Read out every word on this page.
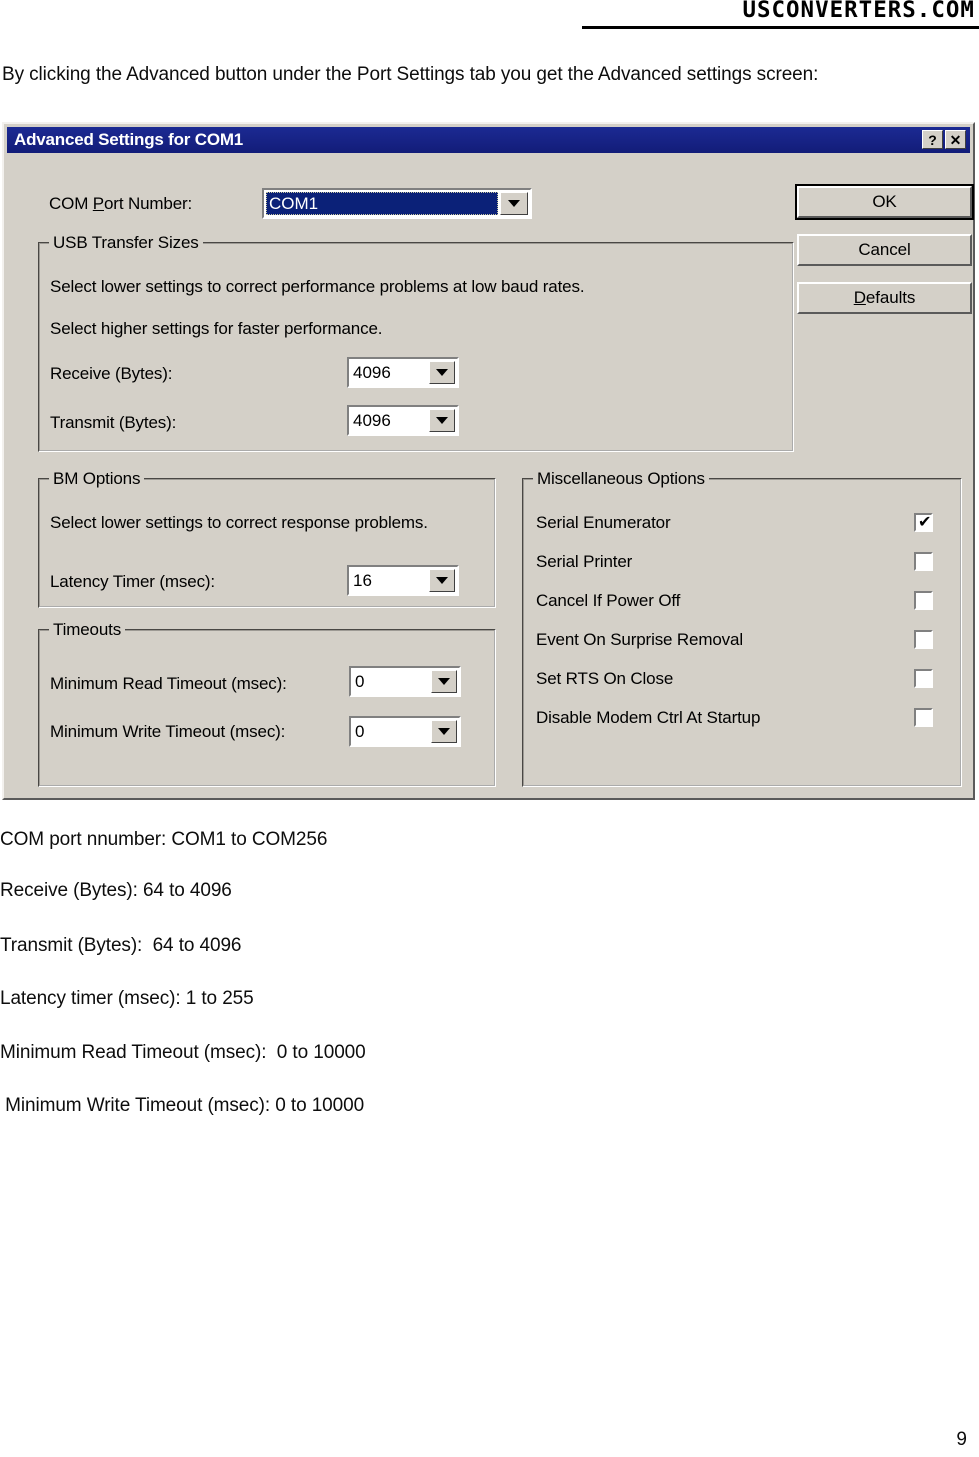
USCONVERTERS.COM
By clicking the Advanced button under the Port Settings tab you get the Advanced settings screen:
Advanced Settings for COM1	? ✕
COM Port Number:	COM1	OK
Cancel
D efaults
USB Transfer Sizes
Select lower settings to correct performance problems at low baud rates.
Select higher settings for faster performance.
Receive (Bytes):	4096
Transmit (Bytes):	4096
BM Options
Select lower settings to correct response problems.
Latency Timer (msec):	16
Timeouts
Minimum Read Timeout (msec):	0
Minimum Write Timeout (msec):	0
Miscellaneous Options
Serial Enumerator	✔
Serial Printer
Cancel If Power Off
Event On Surprise Removal
Set RTS On Close
Disable Modem Ctrl At Startup
COM port nnumber: COM1 to COM256
Receive (Bytes): 64 to 4096
Transmit (Bytes):  64 to 4096
Latency timer (msec): 1 to 255
Minimum Read Timeout (msec):  0 to 10000
Minimum Write Timeout (msec): 0 to 10000
9
